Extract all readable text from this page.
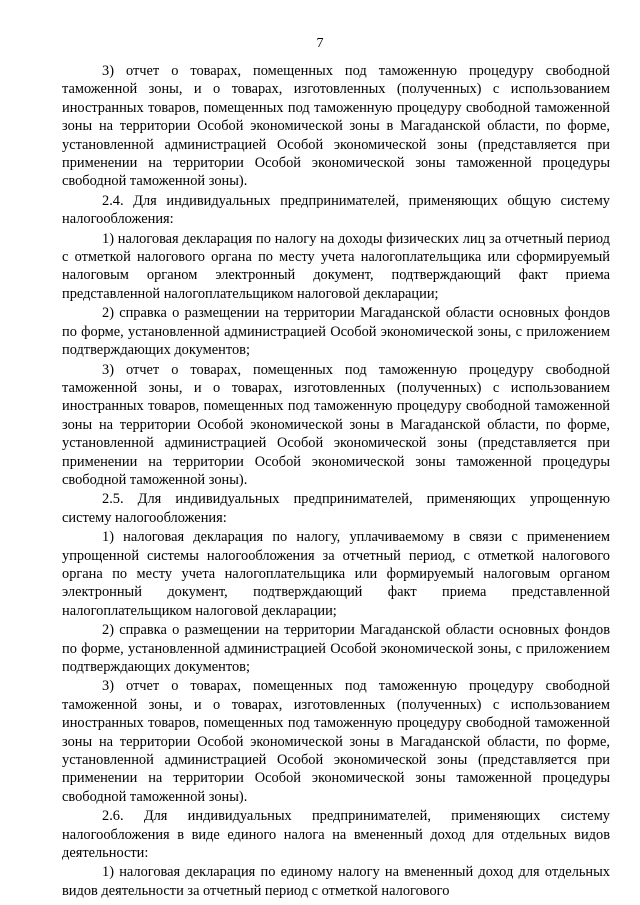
7

3) отчет о товарах, помещенных под таможенную процедуру свободной таможенной зоны, и о товарах, изготовленных (полученных) с использованием иностранных товаров, помещенных под таможенную процедуру свободной таможенной зоны на территории Особой экономической зоны в Магаданской области, по форме, установленной администрацией Особой экономической зоны (представляется при применении на территории Особой экономической зоны таможенной процедуры свободной таможенной зоны).

2.4. Для индивидуальных предпринимателей, применяющих общую систему налогообложения:

1) налоговая декларация по налогу на доходы физических лиц за отчетный период с отметкой налогового органа по месту учета налогоплательщика или сформируемый налоговым органом электронный документ, подтверждающий факт приема представленной налогоплательщиком налоговой декларации;

2) справка о размещении на территории Магаданской области основных фондов по форме, установленной администрацией Особой экономической зоны, с приложением подтверждающих документов;

3) отчет о товарах, помещенных под таможенную процедуру свободной таможенной зоны, и о товарах, изготовленных (полученных) с использованием иностранных товаров, помещенных под таможенную процедуру свободной таможенной зоны на территории Особой экономической зоны в Магаданской области, по форме, установленной администрацией Особой экономической зоны (представляется при применении на территории Особой экономической зоны таможенной процедуры свободной таможенной зоны).

2.5. Для индивидуальных предпринимателей, применяющих упрощенную систему налогообложения:

1) налоговая декларация по налогу, уплачиваемому в связи с применением упрощенной системы налогообложения за отчетный период, с отметкой налогового органа по месту учета налогоплательщика или формируемый налоговым органом электронный документ, подтверждающий факт приема представленной налогоплательщиком налоговой декларации;

2) справка о размещении на территории Магаданской области основных фондов по форме, установленной администрацией Особой экономической зоны, с приложением подтверждающих документов;

3) отчет о товарах, помещенных под таможенную процедуру свободной таможенной зоны, и о товарах, изготовленных (полученных) с использованием иностранных товаров, помещенных под таможенную процедуру свободной таможенной зоны на территории Особой экономической зоны в Магаданской области, по форме, установленной администрацией Особой экономической зоны (представляется при применении на территории Особой экономической зоны таможенной процедуры свободной таможенной зоны).

2.6. Для индивидуальных предпринимателей, применяющих систему налогообложения в виде единого налога на вмененный доход для отдельных видов деятельности:

1) налоговая декларация по единому налогу на вмененный доход для отдельных видов деятельности за отчетный период с отметкой налогового
